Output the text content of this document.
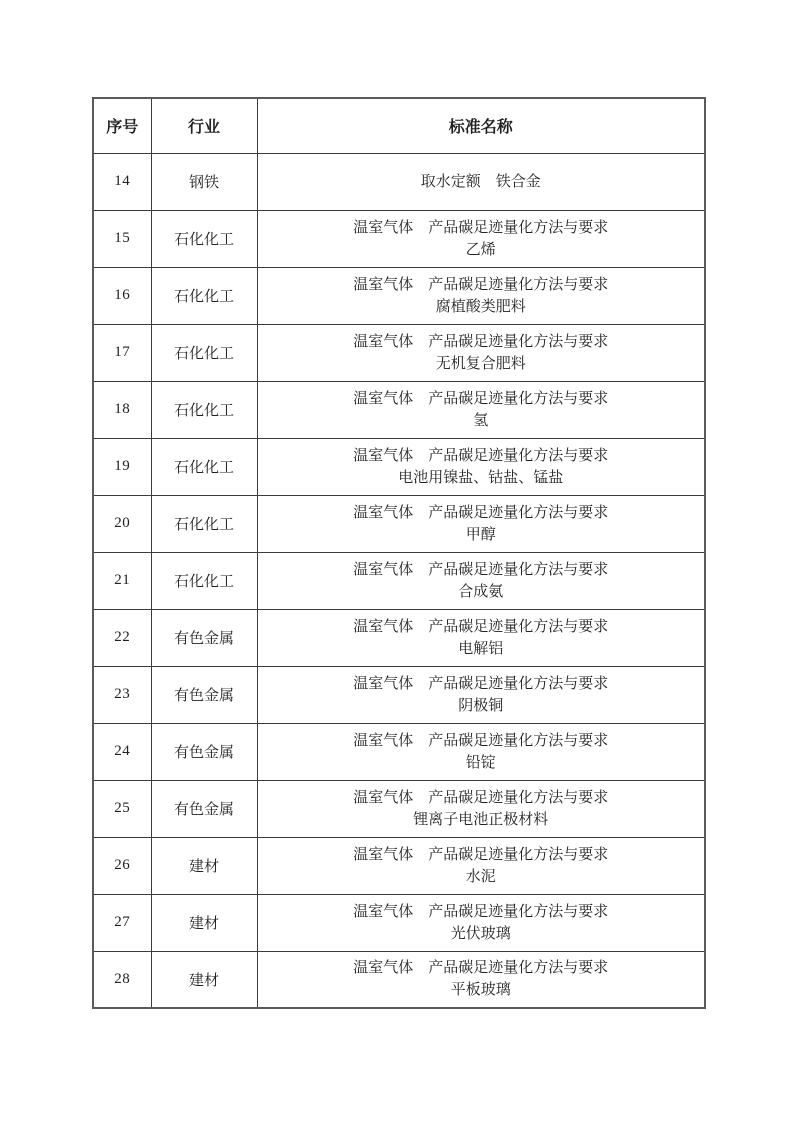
序号	行业	标准名称
14	钢铁	取水定额　铁合金

15	石化化工	温室气体　产品碳足迹量化方法与要求
乙烯

16	石化化工	温室气体　产品碳足迹量化方法与要求
腐植酸类肥料

17	石化化工	温室气体　产品碳足迹量化方法与要求
无机复合肥料

18	石化化工	温室气体　产品碳足迹量化方法与要求
氢

19	石化化工	温室气体　产品碳足迹量化方法与要求
电池用镍盐、钴盐、锰盐

20	石化化工	温室气体　产品碳足迹量化方法与要求
甲醇

21	石化化工	温室气体　产品碳足迹量化方法与要求
合成氨

22	有色金属	温室气体　产品碳足迹量化方法与要求
电解铝

23	有色金属	温室气体　产品碳足迹量化方法与要求
阴极铜

24	有色金属	温室气体　产品碳足迹量化方法与要求
铅锭

25	有色金属	温室气体　产品碳足迹量化方法与要求
锂离子电池正极材料

26	建材	温室气体　产品碳足迹量化方法与要求
水泥

27	建材	温室气体　产品碳足迹量化方法与要求
光伏玻璃

28	建材	温室气体　产品碳足迹量化方法与要求
平板玻璃
